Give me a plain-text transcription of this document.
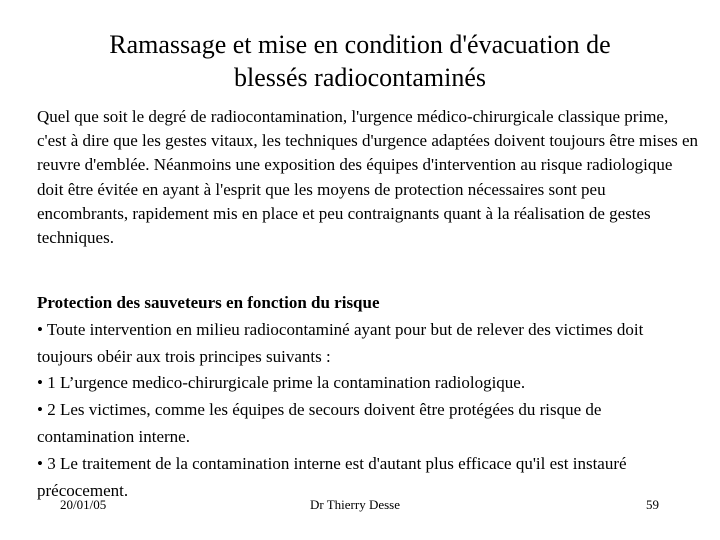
Ramassage et mise en condition d'évacuation de
blessés radiocontaminés

Quel que soit le degré de radiocontamination, l'urgence médico-chirurgicale classique prime, c'est à dire que les gestes vitaux, les techniques d'urgence adaptées doivent toujours être mises en reuvre d'emblée. Néanmoins une exposition des équipes d'intervention au risque radiologique doit être évitée en ayant à l'esprit que les moyens de protection nécessaires sont peu encombrants, rapidement mis en place et peu contraignants quant à la réalisation de gestes techniques.

Protection des sauveteurs en fonction du risque
• Toute intervention en milieu radiocontaminé ayant pour but de relever des victimes doit toujours obéir aux trois principes suivants :
• 1 L’urgence medico-chirurgicale prime la contamination radiologique.
• 2 Les victimes, comme les équipes de secours doivent être protégées du risque de contamination interne.
• 3 Le traitement de la contamination interne est d'autant plus efficace qu'il est instauré précocement.
20/01/05	Dr Thierry Desse	59
